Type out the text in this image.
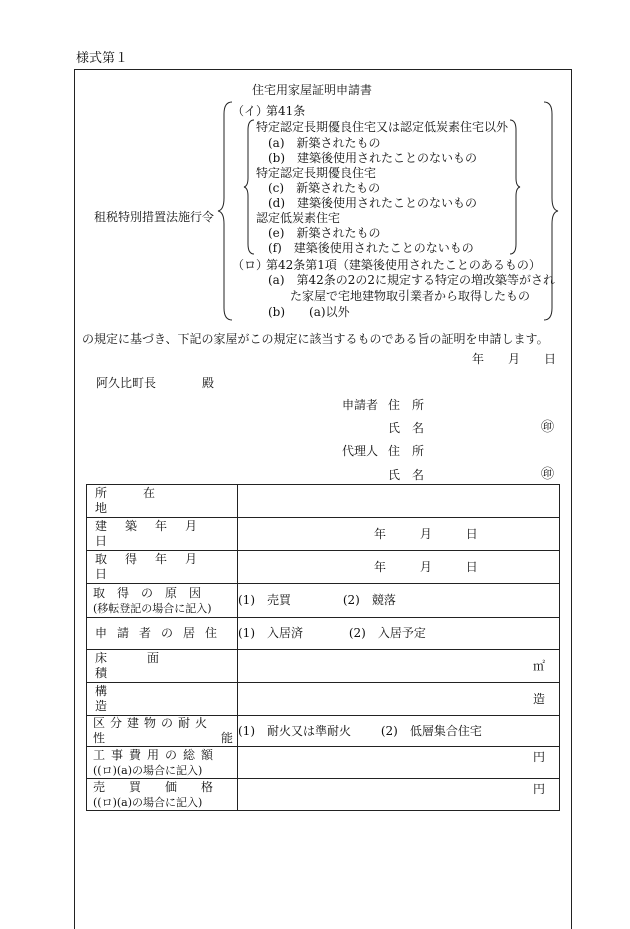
様式第１
住宅用家屋証明申請書
租税特別措置法施行令
（イ）
第41条
特定認定長期優良住宅又は認定低炭素住宅以外
(a)　新築されたもの
(b)　建築後使用されたことのないもの
特定認定長期優良住宅
(c)　新築されたもの
(d)　建築後使用されたことのないもの
認定低炭素住宅
(e)　新築されたもの
(f)　建築後使用されたことのないもの
（ロ）
第42条第1項（建築後使用されたことのあるもの）
(a)　第42条の2の2に規定する特定の増改築等がされ
た家屋で宅地建物取引業者から取得したもの
(b)　　(a)以外
の規定に基づき、下記の家屋がこの規定に該当するものである旨の証明を申請します。
年 月 日
阿久比町長	殿
申請者 住　所
氏　名	㊞
代理人 住　所
氏　名	㊞
所在地	

建築年月日	年 月 日
取得年月日	年 月 日

取得の原因
(移転登記の場合に記入)	(1)　売買 (2)　競落
申請者の居住	(1)　入居済 (2)　入居予定
床面積	㎡

構造	造

区分建物の耐火
性 能	(1)　耐火又は準耐火 (2)　低層集合住宅

工事費用の総額
((ロ)(a)の場合に記入)	円

売買価格
((ロ)(a)の場合に記入)	円
